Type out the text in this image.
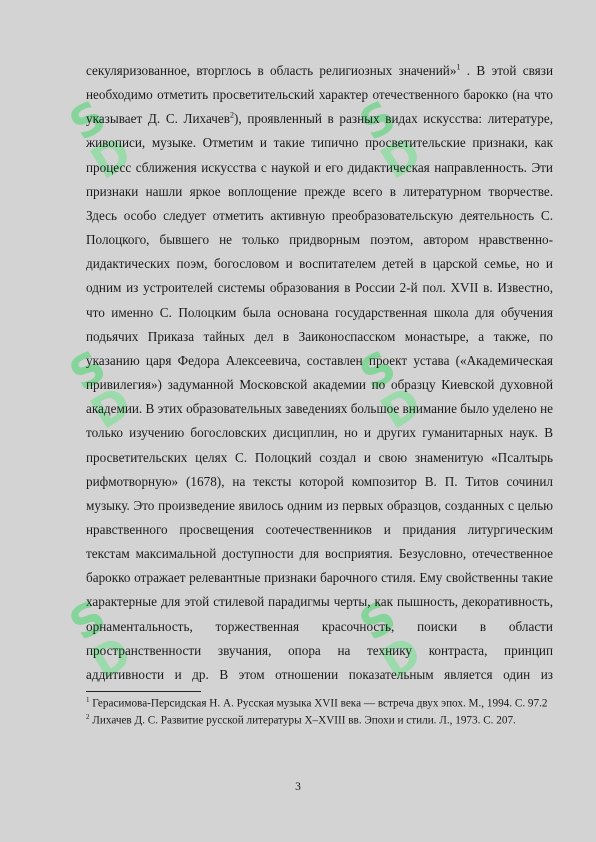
S
D
S
D
S
D
S
D
S
D
S
D

секуляризованное, вторглось в область религиозных значений»$^1$ . В этой связи необходимо отметить просветительский характер отечественного барокко (на что указывает Д. С. Лихачев$^2$), проявленный в разных видах искусства: литературе, живописи, музыке. Отметим и такие типично просветительские признаки, как процесс сближения искусства с наукой и его дидактическая направленность. Эти признаки нашли яркое воплощение прежде всего в литературном творчестве. Здесь особо следует отметить активную преобразовательскую деятельность С. Полоцкого, бывшего не только придворным поэтом, автором нравственно-дидактических поэм, богословом и воспитателем детей в царской семье, но и одним из устроителей системы образования в России 2-й пол. XVII в. Известно, что именно С. Полоцким была основана государственная школа для обучения подьячих Приказа тайных дел в Заиконоспасском монастыре, а также, по указанию царя Федора Алексеевича, составлен проект устава («Академическая привилегия») задуманной Московской академии по образцу Киевской духовной академии. В этих образовательных заведениях большое внимание было уделено не только изучению богословских дисциплин, но и других гуманитарных наук. В просветительских целях С. Полоцкий создал и свою знаменитую «Псалтырь рифмотворную» (1678), на тексты которой композитор В. П. Титов сочинил музыку. Это произведение явилось одним из первых образцов, созданных с целью нравственного просвещения соотечественников и придания литургическим текстам максимальной доступности для восприятия. Безусловно, отечественное барокко отражает релевантные признаки барочного стиля. Ему свойственны такие характерные для этой стилевой парадигмы черты, как пышность, декоративность, орнаментальность, торжественная красочность, поиски в области пространственности звучания, опора на технику контраста, принцип аддитивности и др. В этом отношении показательным является один из

$^1$ Герасимова-Персидская Н. А. Русская музыка XVII века — встреча двух эпох. М., 1994. С. 97.2

$^2$ Лихачев Д. С. Развитие русской литературы X–XVIII вв. Эпохи и стили. Л., 1973. С. 207.

3
